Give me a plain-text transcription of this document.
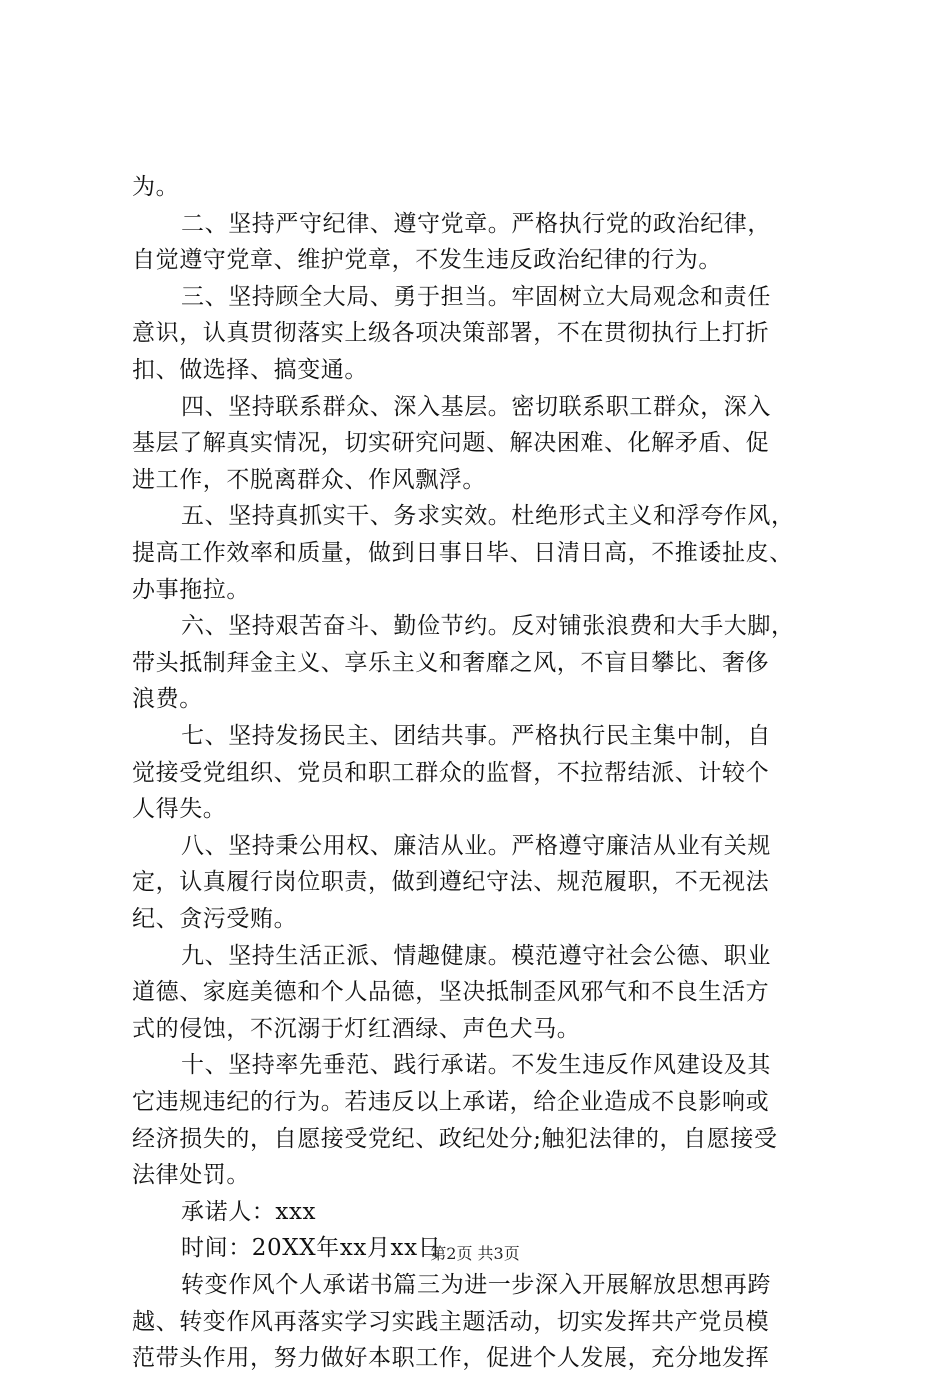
为。
二、坚持严守纪律、遵守党章。严格执行党的政治纪律，
自觉遵守党章、维护党章，不发生违反政治纪律的行为。
三、坚持顾全大局、勇于担当。牢固树立大局观念和责任
意识，认真贯彻落实上级各项决策部署，不在贯彻执行上打折
扣、做选择、搞变通。
四、坚持联系群众、深入基层。密切联系职工群众，深入
基层了解真实情况，切实研究问题、解决困难、化解矛盾、促
进工作，不脱离群众、作风飘浮。
五、坚持真抓实干、务求实效。杜绝形式主义和浮夸作风，
提高工作效率和质量，做到日事日毕、日清日高，不推诿扯皮、
办事拖拉。
六、坚持艰苦奋斗、勤俭节约。反对铺张浪费和大手大脚，
带头抵制拜金主义、享乐主义和奢靡之风，不盲目攀比、奢侈
浪费。
七、坚持发扬民主、团结共事。严格执行民主集中制，自
觉接受党组织、党员和职工群众的监督，不拉帮结派、计较个
人得失。
八、坚持秉公用权、廉洁从业。严格遵守廉洁从业有关规
定，认真履行岗位职责，做到遵纪守法、规范履职，不无视法
纪、贪污受贿。
九、坚持生活正派、情趣健康。模范遵守社会公德、职业
道德、家庭美德和个人品德，坚决抵制歪风邪气和不良生活方
式的侵蚀，不沉溺于灯红酒绿、声色犬马。
十、坚持率先垂范、践行承诺。不发生违反作风建设及其
它违规违纪的行为。若违反以上承诺，给企业造成不良影响或
经济损失的，自愿接受党纪、政纪处分;触犯法律的，自愿接受
法律处罚。
承诺人：xxx
时间：20XX年xx月xx日
转变作风个人承诺书篇三为进一步深入开展解放思想再跨
越、转变作风再落实学习实践主题活动，切实发挥共产党员模
范带头作用，努力做好本职工作，促进个人发展，充分地发挥
第2页 共3页
